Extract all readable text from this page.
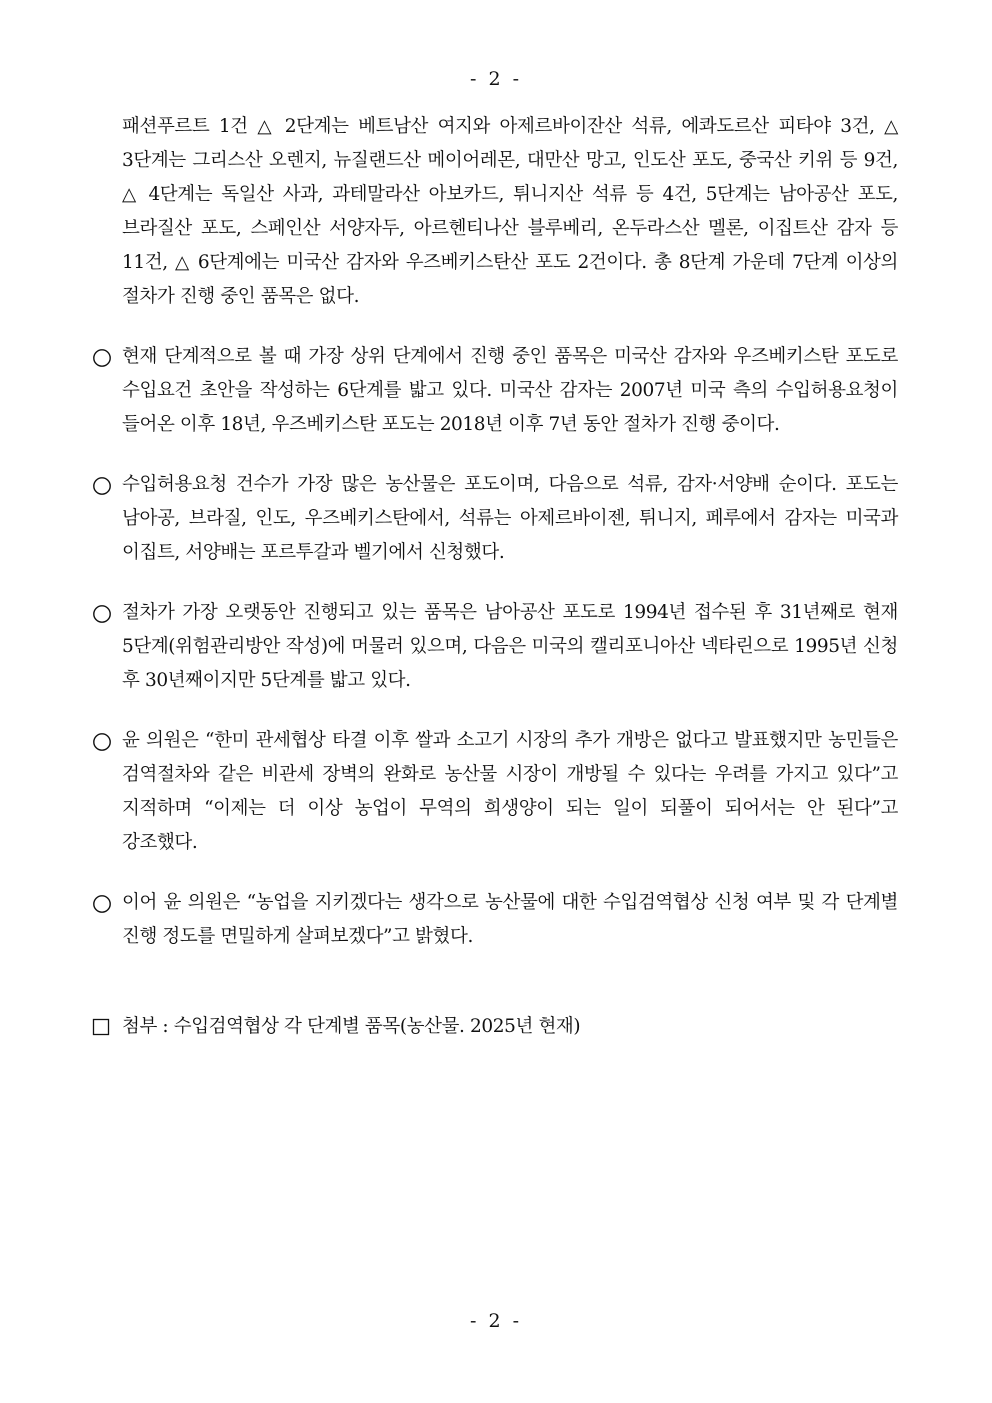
- 2 -

패션푸르트 1건 △ 2단계는 베트남산 여지와 아제르바이잔산 석류, 에콰도르산 피타야 3건, △ 3단계는 그리스산 오렌지, 뉴질랜드산 메이어레몬, 대만산 망고, 인도산 포도, 중국산 키위 등 9건, △ 4단계는 독일산 사과, 과테말라산 아보카드, 튀니지산 석류 등 4건, 5단계는 남아공산 포도, 브라질산 포도, 스페인산 서양자두, 아르헨티나산 블루베리, 온두라스산 멜론, 이집트산 감자 등 11건, △ 6단계에는 미국산 감자와 우즈베키스탄산 포도 2건이다. 총 8단계 가운데 7단계 이상의 절차가 진행 중인 품목은 없다.

현재 단계적으로 볼 때 가장 상위 단계에서 진행 중인 품목은 미국산 감자와 우즈베키스탄 포도로 수입요건 초안을 작성하는 6단계를 밟고 있다. 미국산 감자는 2007년 미국 측의 수입허용요청이 들어온 이후 18년, 우즈베키스탄 포도는 2018년 이후 7년 동안 절차가 진행 중이다.
수입허용요청 건수가 가장 많은 농산물은 포도이며, 다음으로 석류, 감자·서양배 순이다. 포도는 남아공, 브라질, 인도, 우즈베키스탄에서, 석류는 아제르바이젠, 튀니지, 페루에서 감자는 미국과 이집트, 서양배는 포르투갈과 벨기에서 신청했다.
절차가 가장 오랫동안 진행되고 있는 품목은 남아공산 포도로 1994년 접수된 후 31년째로 현재 5단계(위험관리방안 작성)에 머물러 있으며, 다음은 미국의 캘리포니아산 넥타린으로 1995년 신청 후 30년째이지만 5단계를 밟고 있다.
윤 의원은 “한미 관세협상 타결 이후 쌀과 소고기 시장의 추가 개방은 없다고 발표했지만 농민들은 검역절차와 같은 비관세 장벽의 완화로 농산물 시장이 개방될 수 있다는 우려를 가지고 있다”고 지적하며 “이제는 더 이상 농업이 무역의 희생양이 되는 일이 되풀이 되어서는 안 된다”고 강조했다.
이어 윤 의원은 “농업을 지키겠다는 생각으로 농산물에 대한 수입검역협상 신청 여부 및 각 단계별 진행 정도를 면밀하게 살펴보겠다”고 밝혔다.
첨부 : 수입검역협상 각 단계별 품목(농산물. 2025년 현재)
- 2 -
